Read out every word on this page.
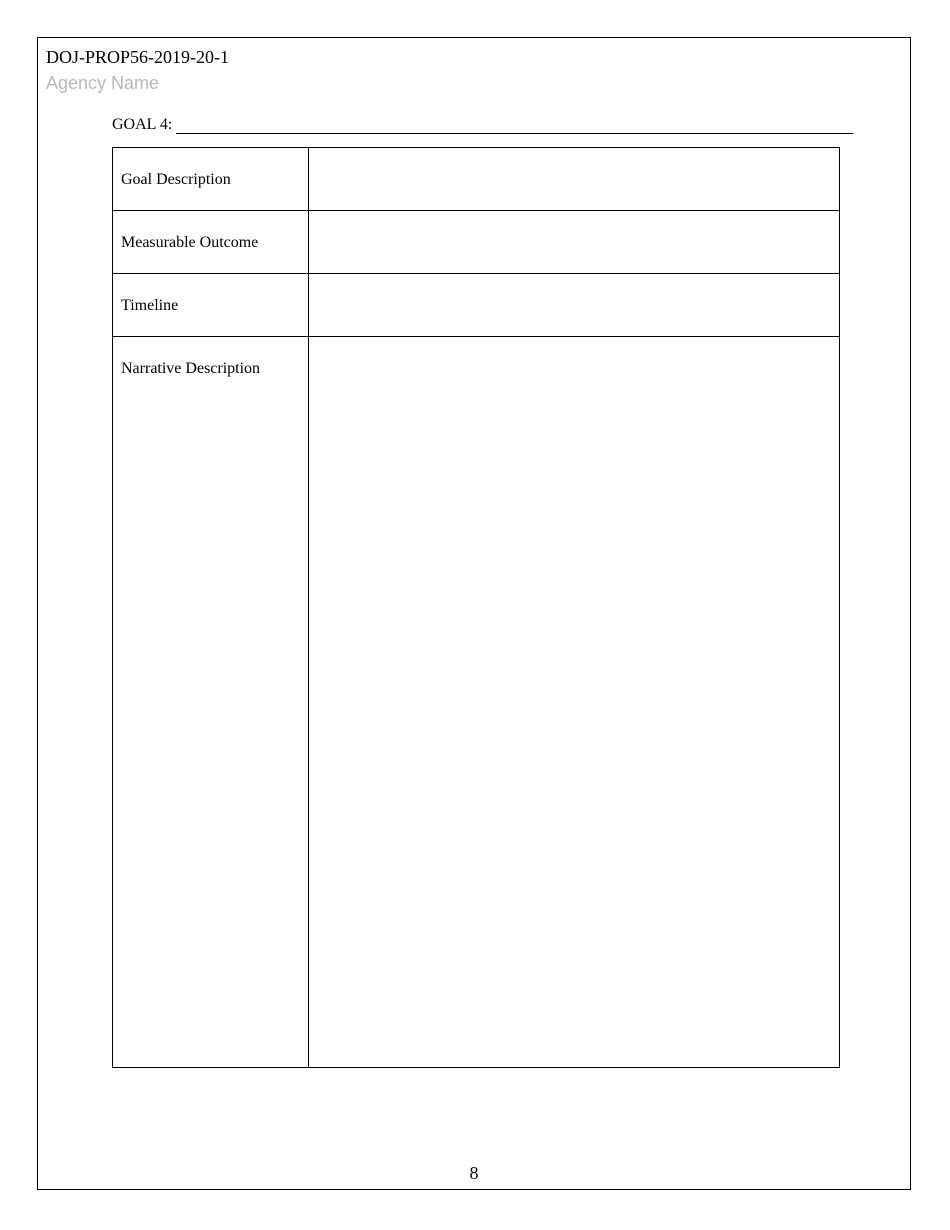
DOJ-PROP56-2019-20-1
Agency Name
GOAL 4:
Goal Description	

Measurable Outcome	

Timeline	

Narrative Description	
8
